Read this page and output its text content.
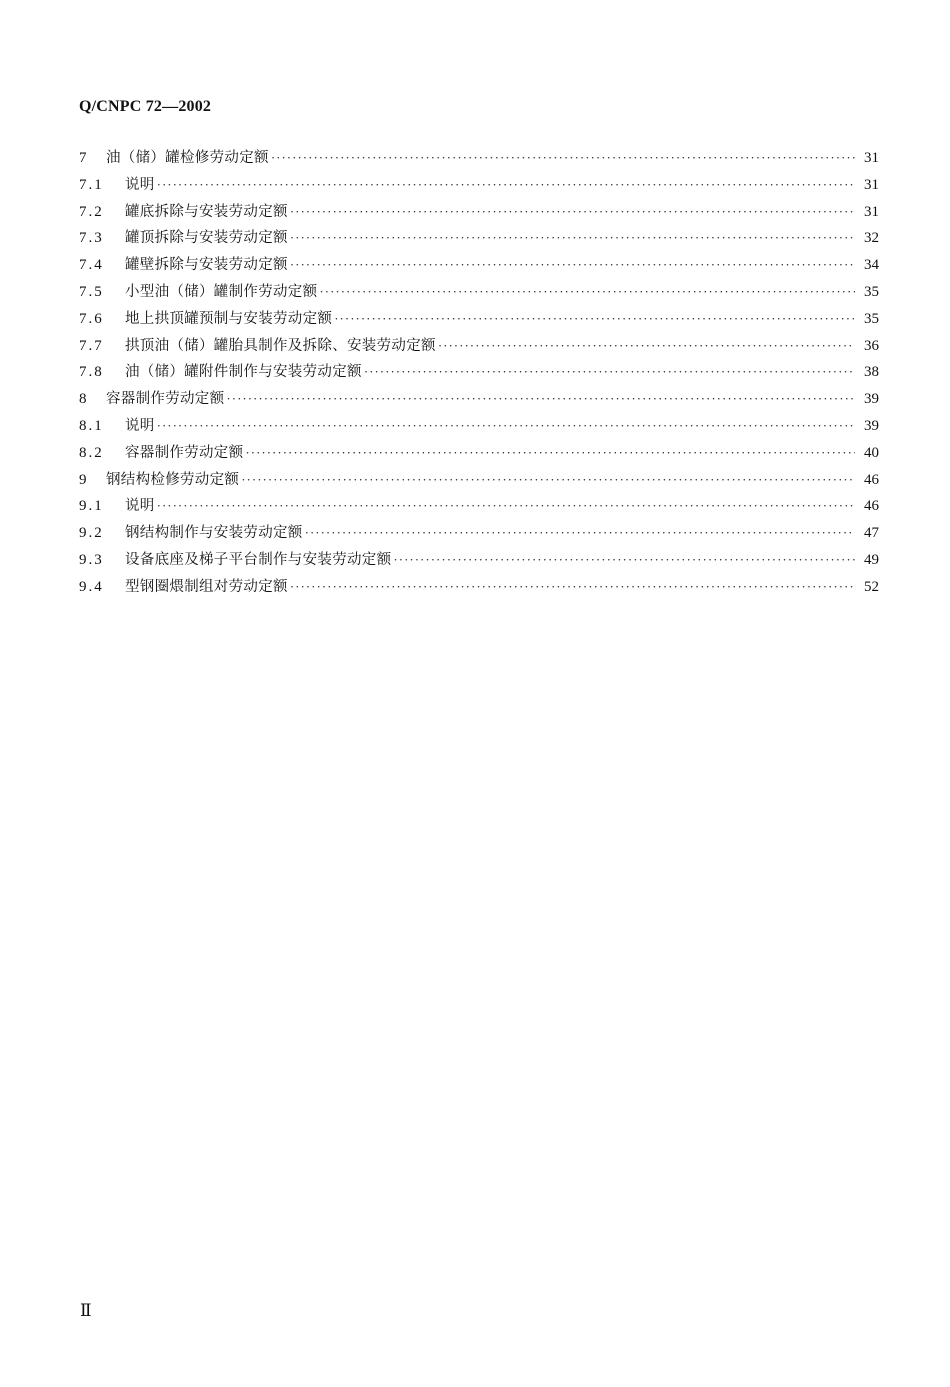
Q/CNPC 72—2002
7	油（储）罐检修劳动定额 ·····	31
7.1	说明 ·····	31
7.2	罐底拆除与安装劳动定额 ·····	31
7.3	罐顶拆除与安装劳动定额 ·····	32
7.4	罐壁拆除与安装劳动定额 ·····	34
7.5	小型油（储）罐制作劳动定额 ·····	35
7.6	地上拱顶罐预制与安装劳动定额 ·····	35
7.7	拱顶油（储）罐胎具制作及拆除、安装劳动定额 ·····	36
7.8	油（储）罐附件制作与安装劳动定额 ·····	38
8	容器制作劳动定额 ·····	39
8.1	说明 ·····	39
8.2	容器制作劳动定额 ·····	40
9	钢结构检修劳动定额 ·····	46
9.1	说明 ·····	46
9.2	钢结构制作与安装劳动定额 ·····	47
9.3	设备底座及梯子平台制作与安装劳动定额 ·····	49
9.4	型钢圈煨制组对劳动定额 ·····	52
Ⅱ
